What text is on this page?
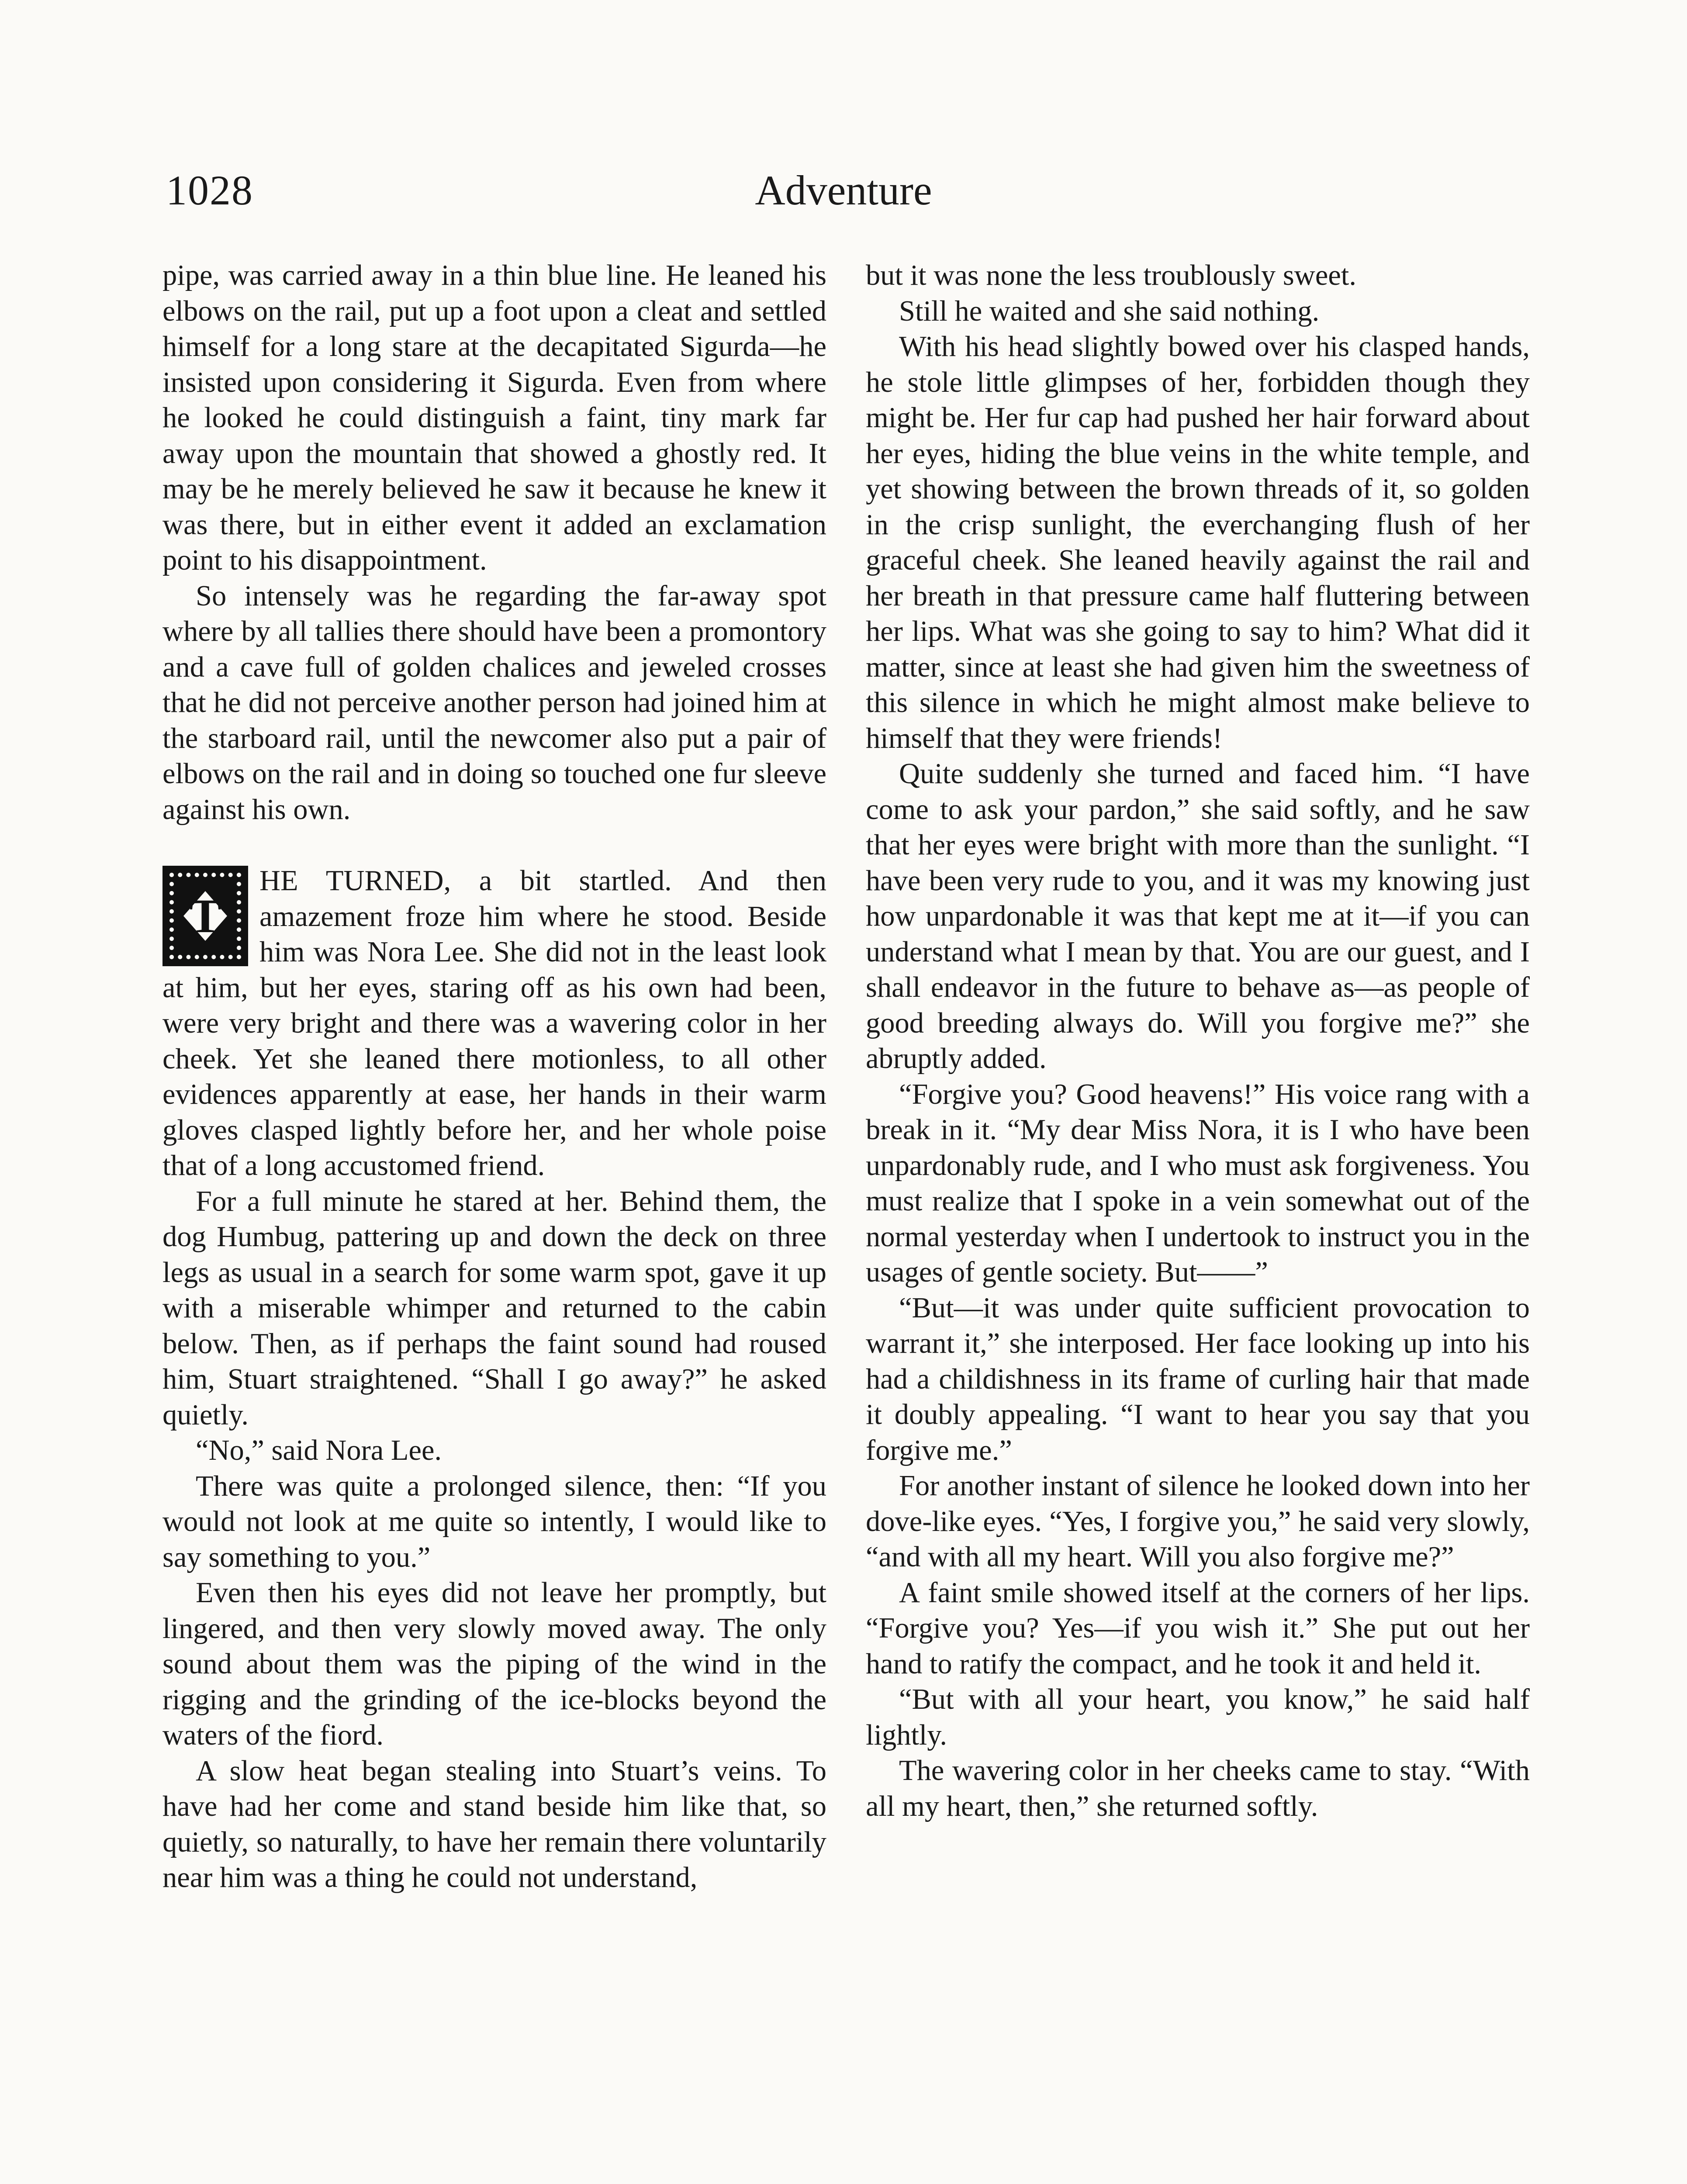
1028	Adventure

pipe, was carried away in a thin blue line. He leaned his elbows on the rail, put up a foot upon a cleat and settled himself for a long stare at the decapitated Sigurda—he insisted upon considering it Sigurda. Even from where he looked he could distinguish a faint, tiny mark far away upon the mountain that showed a ghostly red. It may be he merely believed he saw it because he knew it was there, but in either event it added an exclamation point to his disappointment.

So intensely was he regarding the far-away spot where by all tallies there should have been a promontory and a cave full of golden chalices and jeweled crosses that he did not perceive another person had joined him at the starboard rail, until the newcomer also put a pair of elbows on the rail and in doing so touched one fur sleeve against his own.

T
HE TURNED, a bit startled. And then amazement froze him where he stood. Beside him was Nora Lee. She did not in the least look at him, but her eyes, staring off as his own had been, were very bright and there was a wavering color in her cheek. Yet she leaned there motionless, to all other evidences apparently at ease, her hands in their warm gloves clasped lightly before her, and her whole poise that of a long accustomed friend.

For a full minute he stared at her. Behind them, the dog Humbug, pattering up and down the deck on three legs as usual in a search for some warm spot, gave it up with a miserable whimper and returned to the cabin below. Then, as if perhaps the faint sound had roused him, Stuart straightened. “Shall I go away?” he asked quietly.

“No,” said Nora Lee.

There was quite a prolonged silence, then: “If you would not look at me quite so intently, I would like to say something to you.”

Even then his eyes did not leave her promptly, but lingered, and then very slowly moved away. The only sound about them was the piping of the wind in the rigging and the grinding of the ice-blocks beyond the waters of the fiord.

A slow heat began stealing into Stuart’s veins. To have had her come and stand beside him like that, so quietly, so naturally, to have her remain there voluntarily near him was a thing he could not understand,

but it was none the less troublously sweet.

Still he waited and she said nothing.

With his head slightly bowed over his clasped hands, he stole little glimpses of her, forbidden though they might be. Her fur cap had pushed her hair forward about her eyes, hiding the blue veins in the white temple, and yet showing between the brown threads of it, so golden in the crisp sunlight, the everchanging flush of her graceful cheek. She leaned heavily against the rail and her breath in that pressure came half fluttering between her lips. What was she going to say to him? What did it matter, since at least she had given him the sweetness of this silence in which he might almost make believe to himself that they were friends!

Quite suddenly she turned and faced him. “I have come to ask your pardon,” she said softly, and he saw that her eyes were bright with more than the sunlight. “I have been very rude to you, and it was my knowing just how unpardonable it was that kept me at it—if you can understand what I mean by that. You are our guest, and I shall endeavor in the future to behave as—as people of good breeding always do. Will you forgive me?” she abruptly added.

“Forgive you? Good heavens!” His voice rang with a break in it. “My dear Miss Nora, it is I who have been unpardonably rude, and I who must ask forgiveness. You must realize that I spoke in a vein somewhat out of the normal yesterday when I undertook to instruct you in the usages of gentle society. But——”

“But—it was under quite sufficient provocation to warrant it,” she interposed. Her face looking up into his had a childishness in its frame of curling hair that made it doubly appealing. “I want to hear you say that you forgive me.”

For another instant of silence he looked down into her dove-like eyes. “Yes, I forgive you,” he said very slowly, “and with all my heart. Will you also forgive me?”

A faint smile showed itself at the corners of her lips. “Forgive you? Yes—if you wish it.” She put out her hand to ratify the compact, and he took it and held it.

“But with all your heart, you know,” he said half lightly.

The wavering color in her cheeks came to stay. “With all my heart, then,” she returned softly.
